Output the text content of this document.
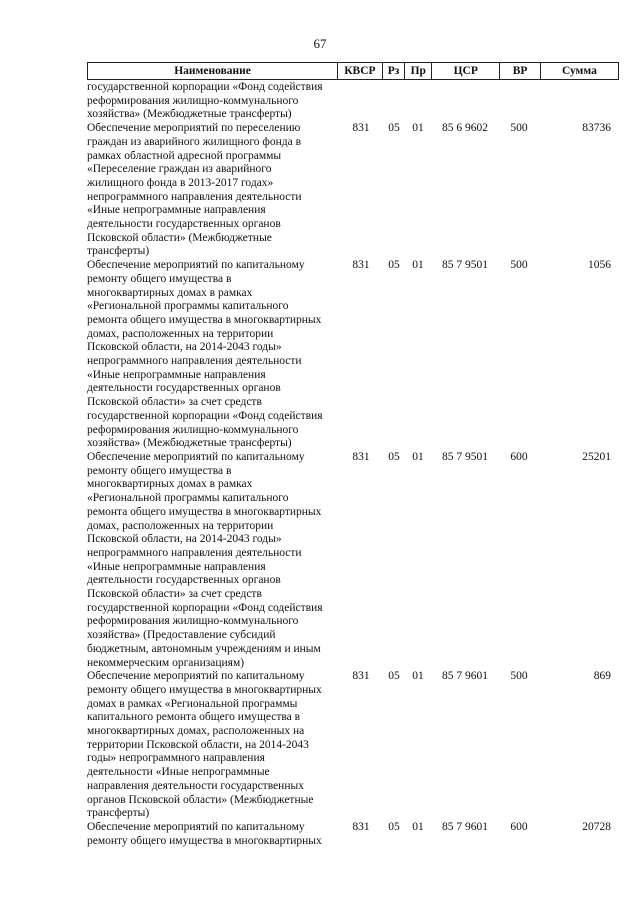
67
Наименование	КВСР	Рз Пр	ЦСР	ВР	Сумма
государственной корпорации «Фонд содействия
реформирования жилищно-коммунального
хозяйства» (Межбюджетные трансферты)
Обеспечение мероприятий по переселению
граждан из аварийного жилищного фонда в
рамках областной адресной программы
«Переселение граждан из аварийного
жилищного фонда в 2013-2017 годах»
непрограммного направления деятельности
«Иные непрограммные направления
деятельности государственных органов
Псковской области» (Межбюджетные
трансферты)
831	05	01	85 6 9602	500	83736
Обеспечение мероприятий по капитальному
ремонту общего имущества в
многоквартирных домах в рамках
«Региональной программы капитального
ремонта общего имущества в многоквартирных
домах, расположенных на территории
Псковской области, на 2014-2043 годы»
непрограммного направления деятельности
«Иные непрограммные направления
деятельности государственных органов
Псковской области» за счет средств
государственной корпорации «Фонд содействия
реформирования жилищно-коммунального
хозяйства» (Межбюджетные трансферты)
831	05	01	85 7 9501	500	1056
Обеспечение мероприятий по капитальному
ремонту общего имущества в
многоквартирных домах в рамках
«Региональной программы капитального
ремонта общего имущества в многоквартирных
домах, расположенных на территории
Псковской области, на 2014-2043 годы»
непрограммного направления деятельности
«Иные непрограммные направления
деятельности государственных органов
Псковской области» за счет средств
государственной корпорации «Фонд содействия
реформирования жилищно-коммунального
хозяйства» (Предоставление субсидий
бюджетным, автономным учреждениям и иным
некоммерческим организациям)
831	05	01	85 7 9501	600	25201
Обеспечение мероприятий по капитальному
ремонту общего имущества в многоквартирных
домах в рамках «Региональной программы
капитального ремонта общего имущества в
многоквартирных домах, расположенных на
территории Псковской области, на 2014-2043
годы» непрограммного направления
деятельности «Иные непрограммные
направления деятельности государственных
органов Псковской области» (Межбюджетные
трансферты)
831	05	01	85 7 9601	500	869
Обеспечение мероприятий по капитальному
ремонту общего имущества в многоквартирных
831	05	01	85 7 9601	600	20728
